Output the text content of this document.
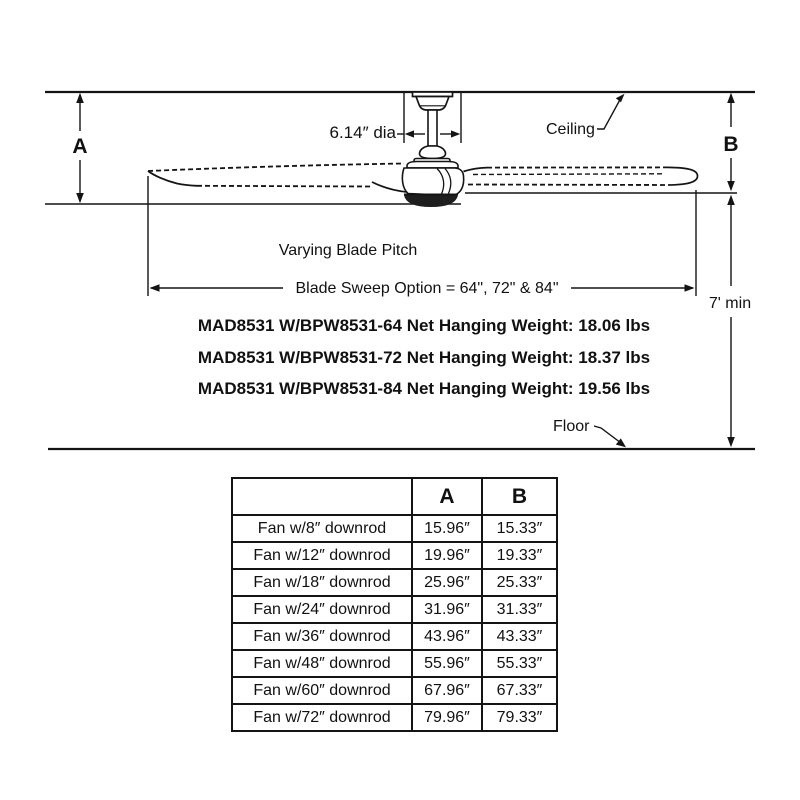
A	B
6.14″ dia	Ceiling
Varying Blade Pitch
Blade Sweep Option = 64", 72" & 84"
7' min
Floor
MAD8531 W/BPW8531-64 Net Hanging Weight: 18.06 lbs
MAD8531 W/BPW8531-72 Net Hanging Weight: 18.37 lbs
MAD8531 W/BPW8531-84 Net Hanging Weight: 19.56 lbs
	A	B
Fan w/8″ downrod	15.96″	15.33″
Fan w/12″ downrod	19.96″	19.33″
Fan w/18″ downrod	25.96″	25.33″
Fan w/24″ downrod	31.96″	31.33″
Fan w/36″ downrod	43.96″	43.33″
Fan w/48″ downrod	55.96″	55.33″
Fan w/60″ downrod	67.96″	67.33″
Fan w/72″ downrod	79.96″	79.33″
